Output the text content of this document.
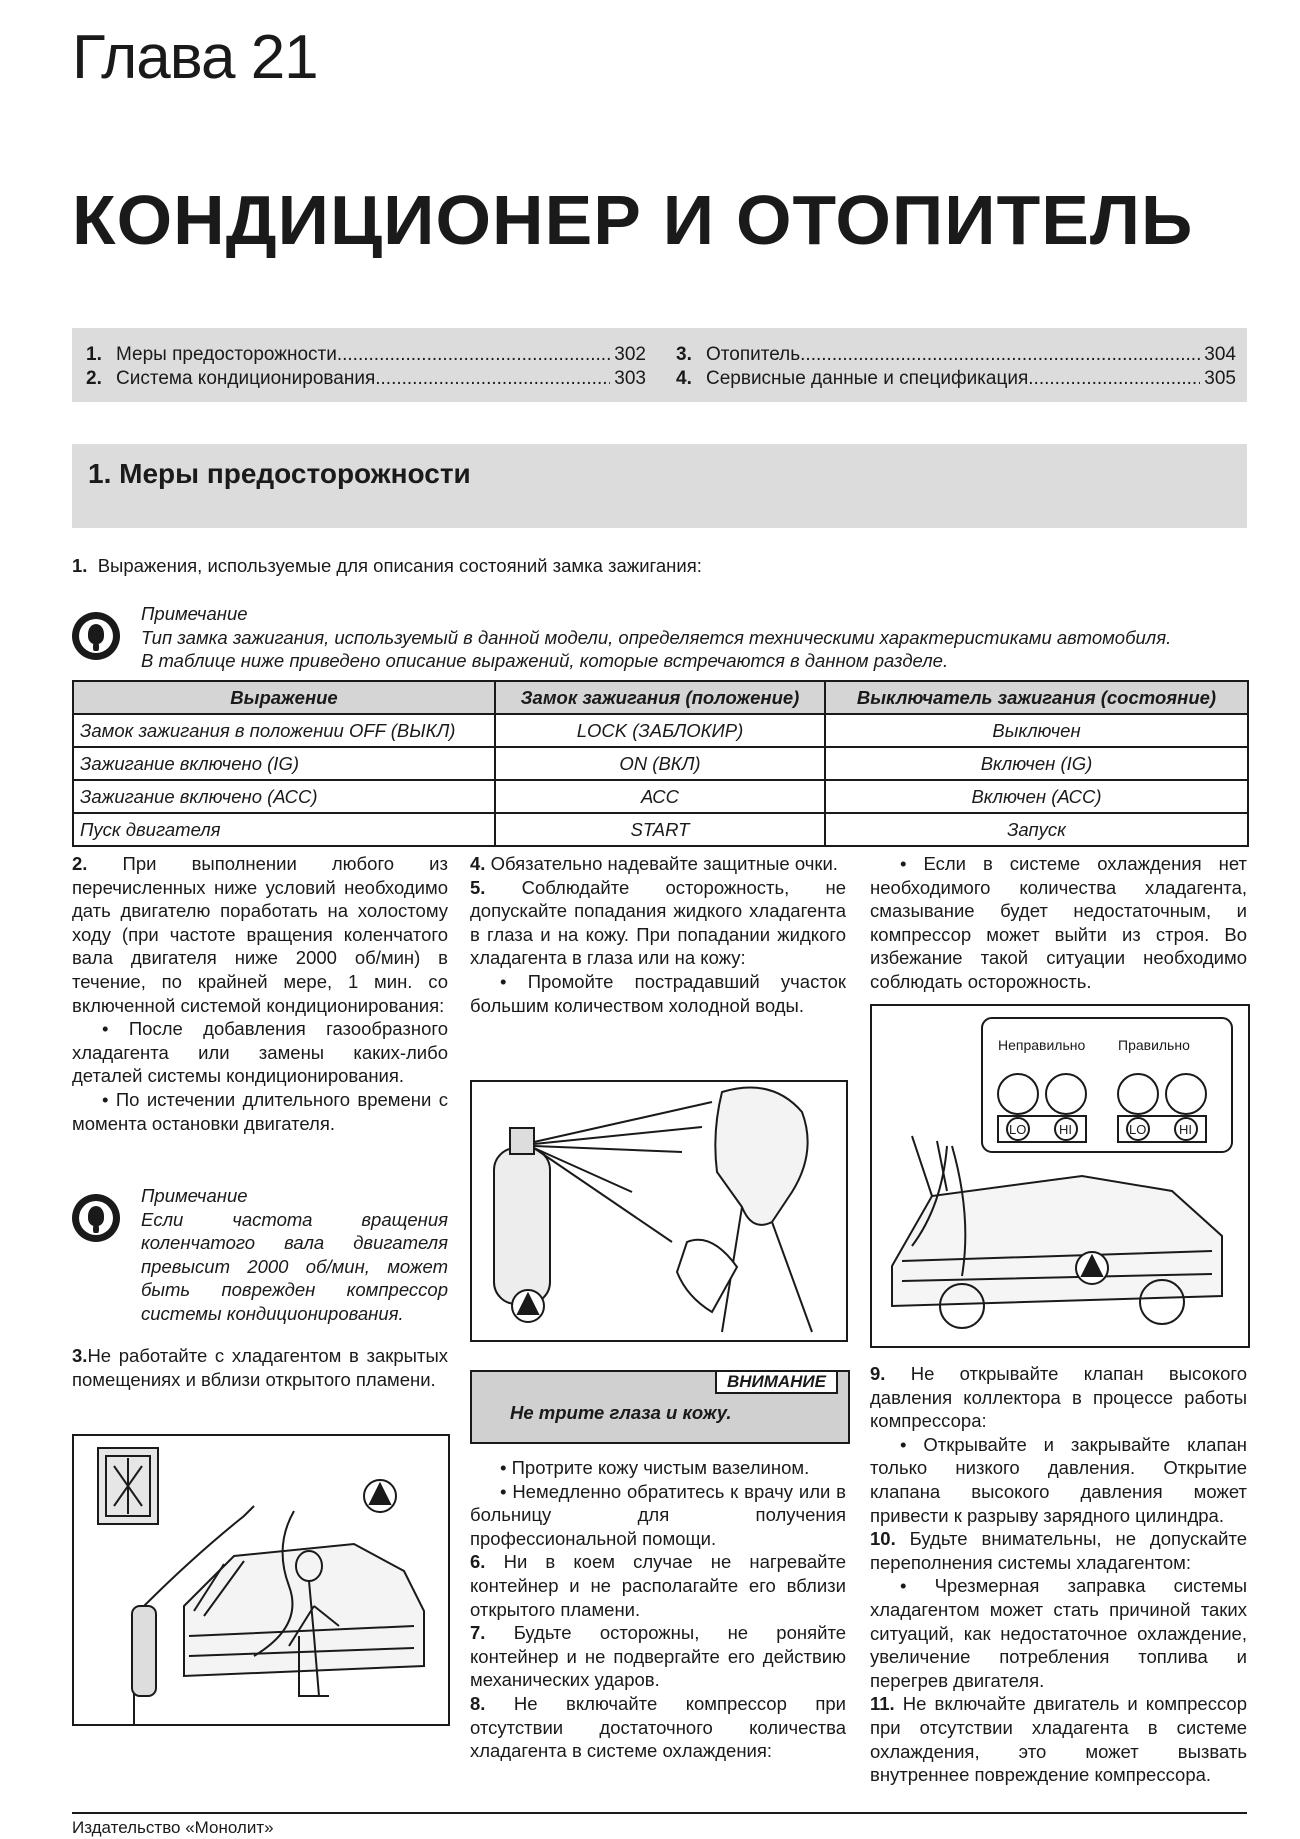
Глава 21
КОНДИЦИОНЕР И ОТОПИТЕЛЬ
1. Меры предосторожности .....	302
2. Система кондиционирования .....	303
3. Отопитель .....	304
4. Сервисные данные и спецификация .....	305
1. Меры предосторожности
1. Выражения, используемые для описания состояний замка зажигания:
Примечание
Тип замка зажигания, используемый в данной модели, определяется техническими характеристиками автомобиля.
В таблице ниже приведено описание выражений, которые встречаются в данном разделе.
Выражение	Замок зажигания (положение)	Выключатель зажигания (состояние)
Замок зажигания в положении OFF (ВЫКЛ)	LOCK (ЗАБЛОКИР)	Выключен
Зажигание включено (IG)	ON (ВКЛ)	Включен (IG)
Зажигание включено (АСС)	АСС	Включен (АСС)
Пуск двигателя	START	Запуск
2. При выполнении любого из перечисленных ниже условий необходимо дать двигателю поработать на холостому ходу (при частоте вращения коленчатого вала двигателя ниже 2000 об/мин) в течение, по крайней мере, 1 мин. со включенной системой кондиционирования:
• После добавления газообразного хладагента или замены каких-либо деталей системы кондиционирования.
• По истечении длительного времени с момента остановки двигателя.
Примечание
Если частота вращения коленчатого вала двигателя превысит 2000 об/мин, может быть поврежден компрессор системы кондиционирования.
3.Не работайте с хладагентом в закрытых помещениях и вблизи открытого пламени.
4. Обязательно надевайте защитные очки.
5. Соблюдайте осторожность, не допускайте попадания жидкого хладагента в глаза и на кожу. При попадании жидкого хладагента в глаза или на кожу:
• Промойте пострадавший участок большим количеством холодной воды.
ВНИМАНИЕ
Не трите глаза и кожу.
• Протрите кожу чистым вазелином.
• Немедленно обратитесь к врачу или в больницу для получения профессиональной помощи.
6. Ни в коем случае не нагревайте контейнер и не располагайте его вблизи открытого пламени.
7. Будьте осторожны, не роняйте контейнер и не подвергайте его действию механических ударов.
8. Не включайте компрессор при отсутствии достаточного количества хладагента в системе охлаждения:
• Если в системе охлаждения нет необходимого количества хладагента, смазывание будет недостаточным, и компрессор может выйти из строя. Во избежание такой ситуации необходимо соблюдать осторожность.
Неправильно Правильно
LO	HI	LO	HI
9. Не открывайте клапан высокого давления коллектора в процессе работы компрессора:
• Открывайте и закрывайте клапан только низкого давления. Открытие клапана высокого давления может привести к разрыву зарядного цилиндра.
10. Будьте внимательны, не допускайте переполнения системы хладагентом:
• Чрезмерная заправка системы хладагентом может стать причиной таких ситуаций, как недостаточное охлаждение, увеличение потребления топлива и перегрев двигателя.
11. Не включайте двигатель и компрессор при отсутствии хладагента в системе охлаждения, это может вызвать внутреннее повреждение компрессора.
Издательство «Монолит»
